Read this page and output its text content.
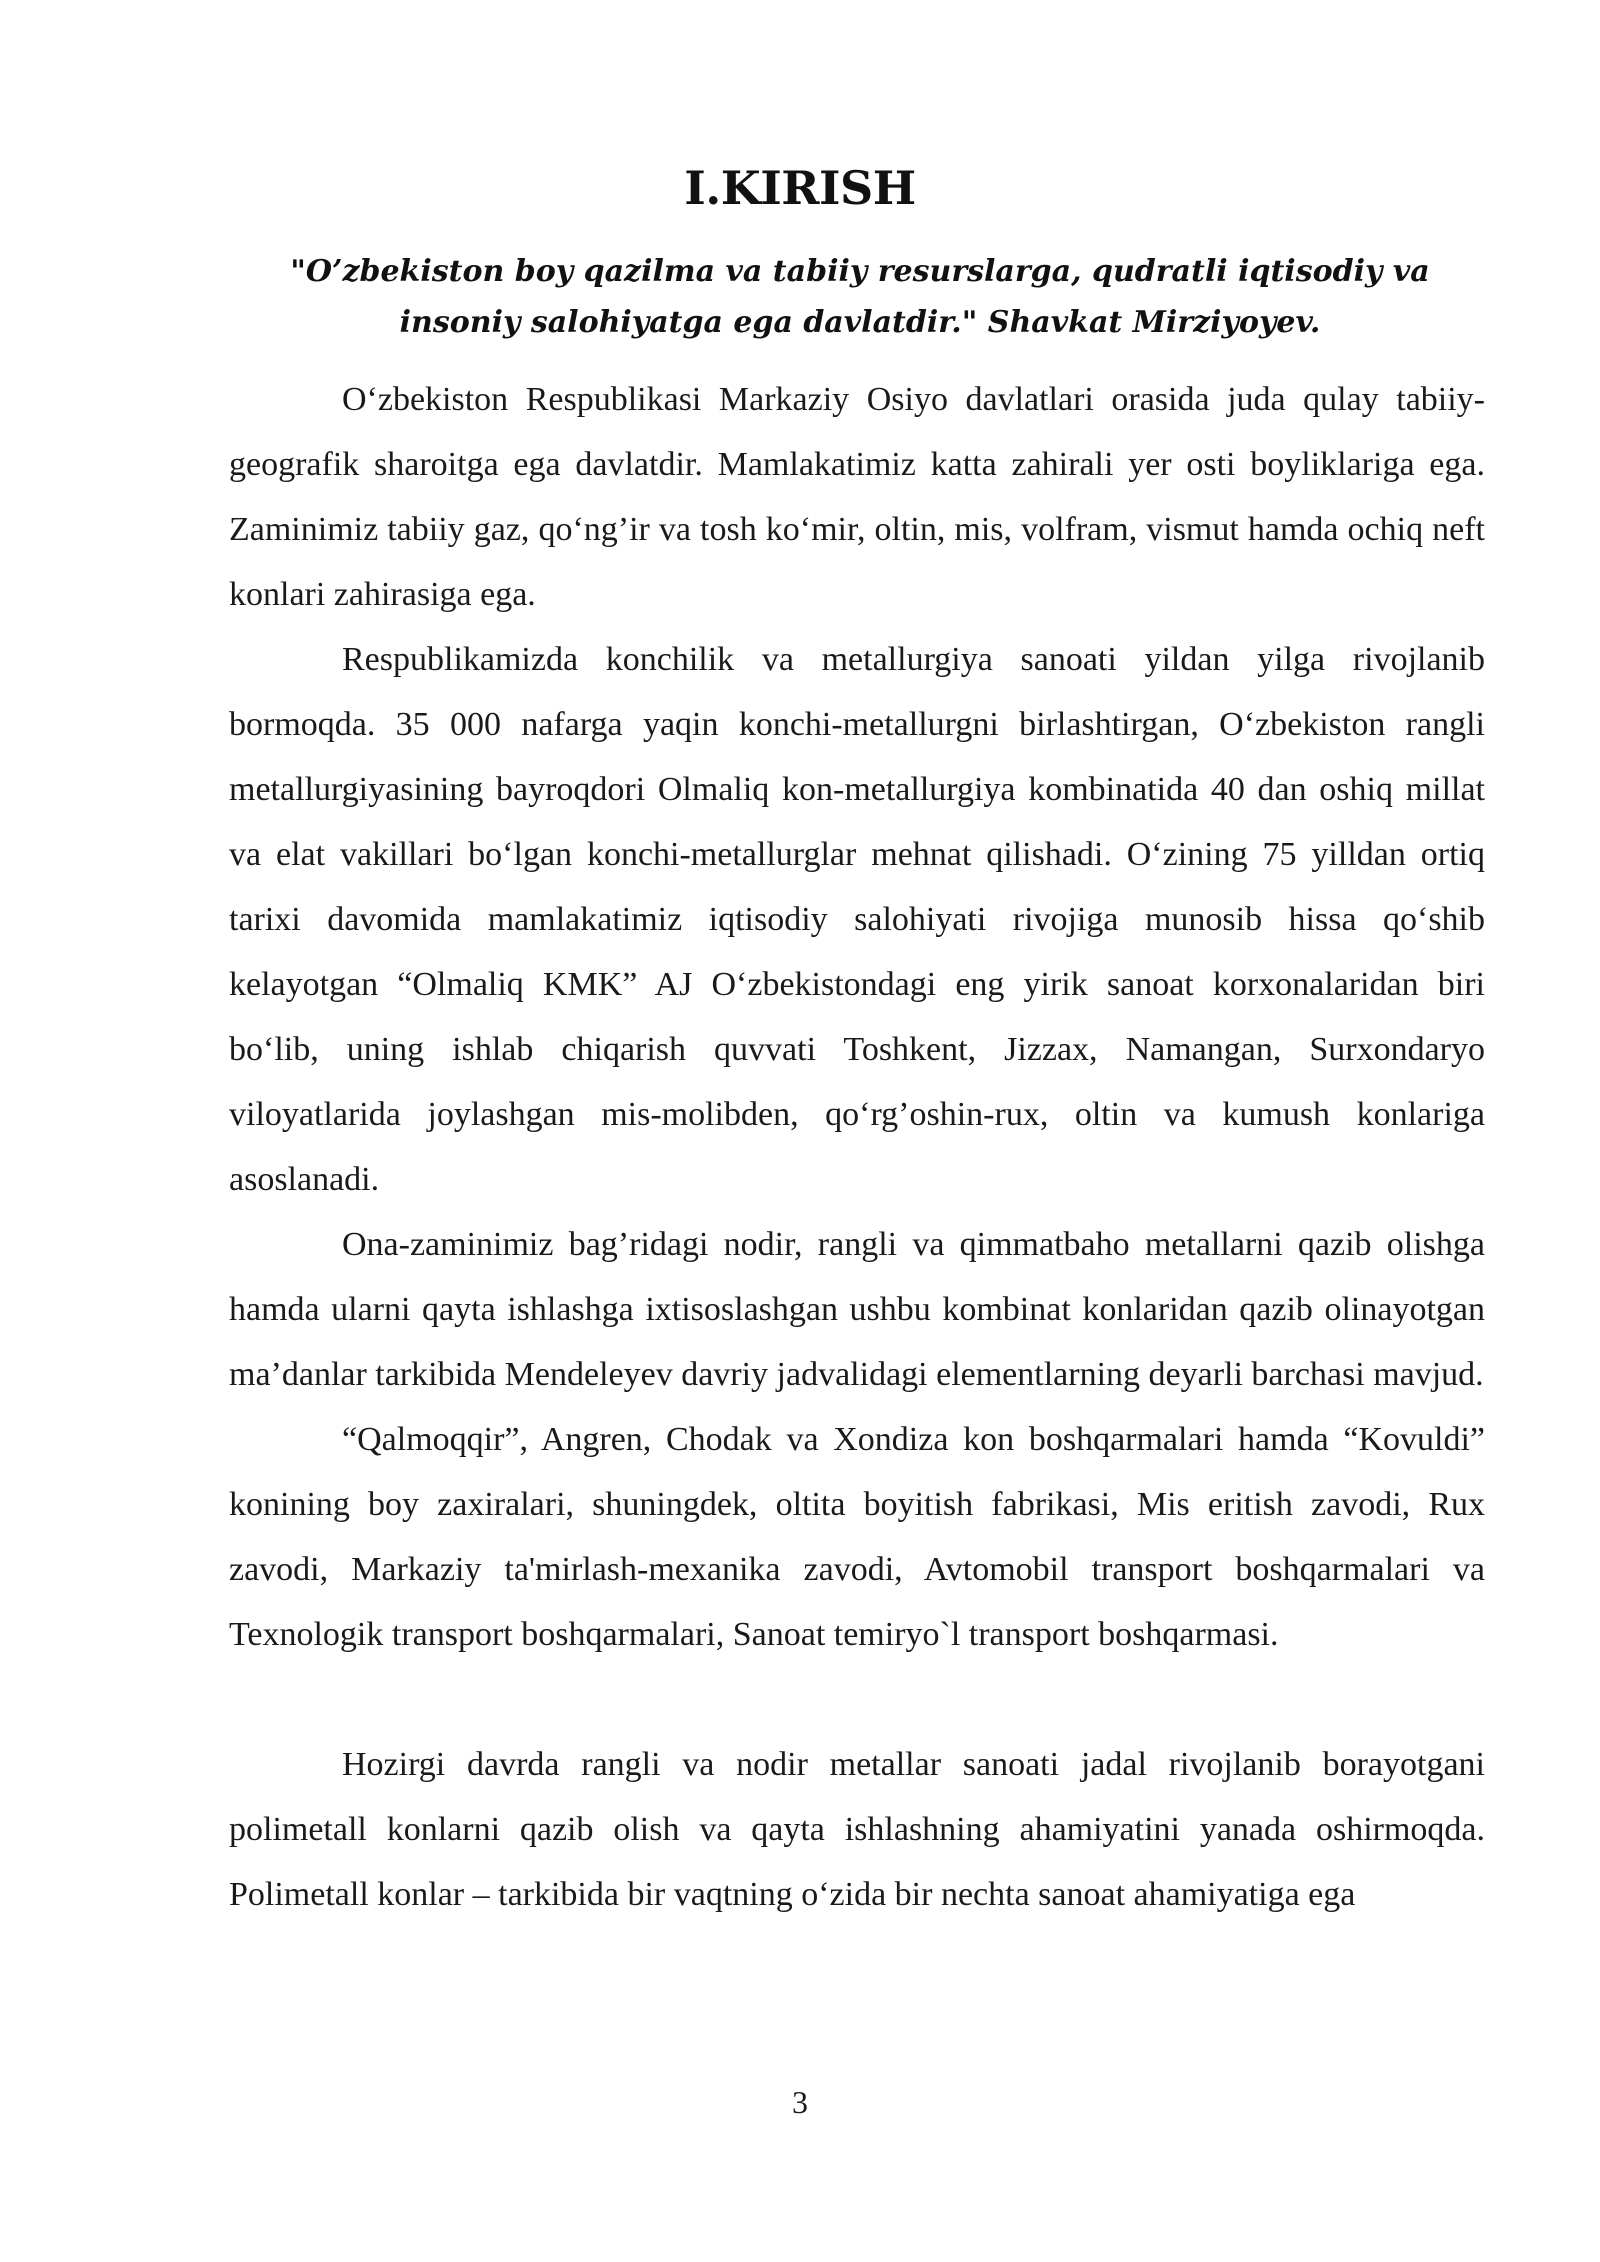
I.KIRISH
"O’zbekiston boy qazilma va tabiiy resurslarga, qudratli iqtisodiy va
insoniy salohiyatga ega davlatdir." Shavkat Mirziyoyev.

O‘zbekiston Respublikasi Markaziy Osiyo davlatlari orasida juda qulay tabiiy-geografik sharoitga ega davlatdir. Mamlakatimiz katta zahirali yer osti boyliklariga ega. Zaminimiz tabiiy gaz, qo‘ng’ir va tosh ko‘mir, oltin, mis, volfram, vismut hamda ochiq neft konlari zahirasiga ega.

Respublikamizda konchilik va metallurgiya sanoati yildan yilga rivojlanib bormoqda. 35 000 nafarga yaqin konchi-metallurgni birlashtirgan, O‘zbekiston rangli metallurgiyasining bayroqdori Olmaliq kon-metallurgiya kombinatida 40 dan oshiq millat va elat vakillari bo‘lgan konchi-metallurglar mehnat qilishadi. O‘zining 75 yilldan ortiq tarixi davomida mamlakatimiz iqtisodiy salohiyati rivojiga munosib hissa qo‘shib kelayotgan “Olmaliq KMK” AJ O‘zbekistondagi eng yirik sanoat korxonalaridan biri bo‘lib, uning ishlab chiqarish quvvati Toshkent, Jizzax, Namangan, Surxondaryo viloyatlarida joylashgan mis-molibden, qo‘rg’oshin-rux, oltin va kumush konlariga asoslanadi.

Ona-zaminimiz bag’ridagi nodir, rangli va qimmatbaho metallarni qazib olishga hamda ularni qayta ishlashga ixtisoslashgan ushbu kombinat konlaridan qazib olinayotgan ma’danlar tarkibida Mendeleyev davriy jadvalidagi elementlarning deyarli barchasi mavjud.

“Qalmoqqir”, Angren, Chodak va Xondiza kon boshqarmalari hamda “Kovuldi” konining boy zaxiralari, shuningdek, oltita boyitish fabrikasi, Mis eritish zavodi, Rux zavodi, Markaziy ta'mirlash-mexanika zavodi, Avtomobil transport boshqarmalari va Texnologik transport boshqarmalari, Sanoat temiryo`l transport boshqarmasi.

Hozirgi davrda rangli va nodir metallar sanoati jadal rivojlanib borayotgani polimetall konlarni qazib olish va qayta ishlashning ahamiyatini yanada oshirmoqda. Polimetall konlar – tarkibida bir vaqtning o‘zida bir nechta sanoat ahamiyatiga ega

3
